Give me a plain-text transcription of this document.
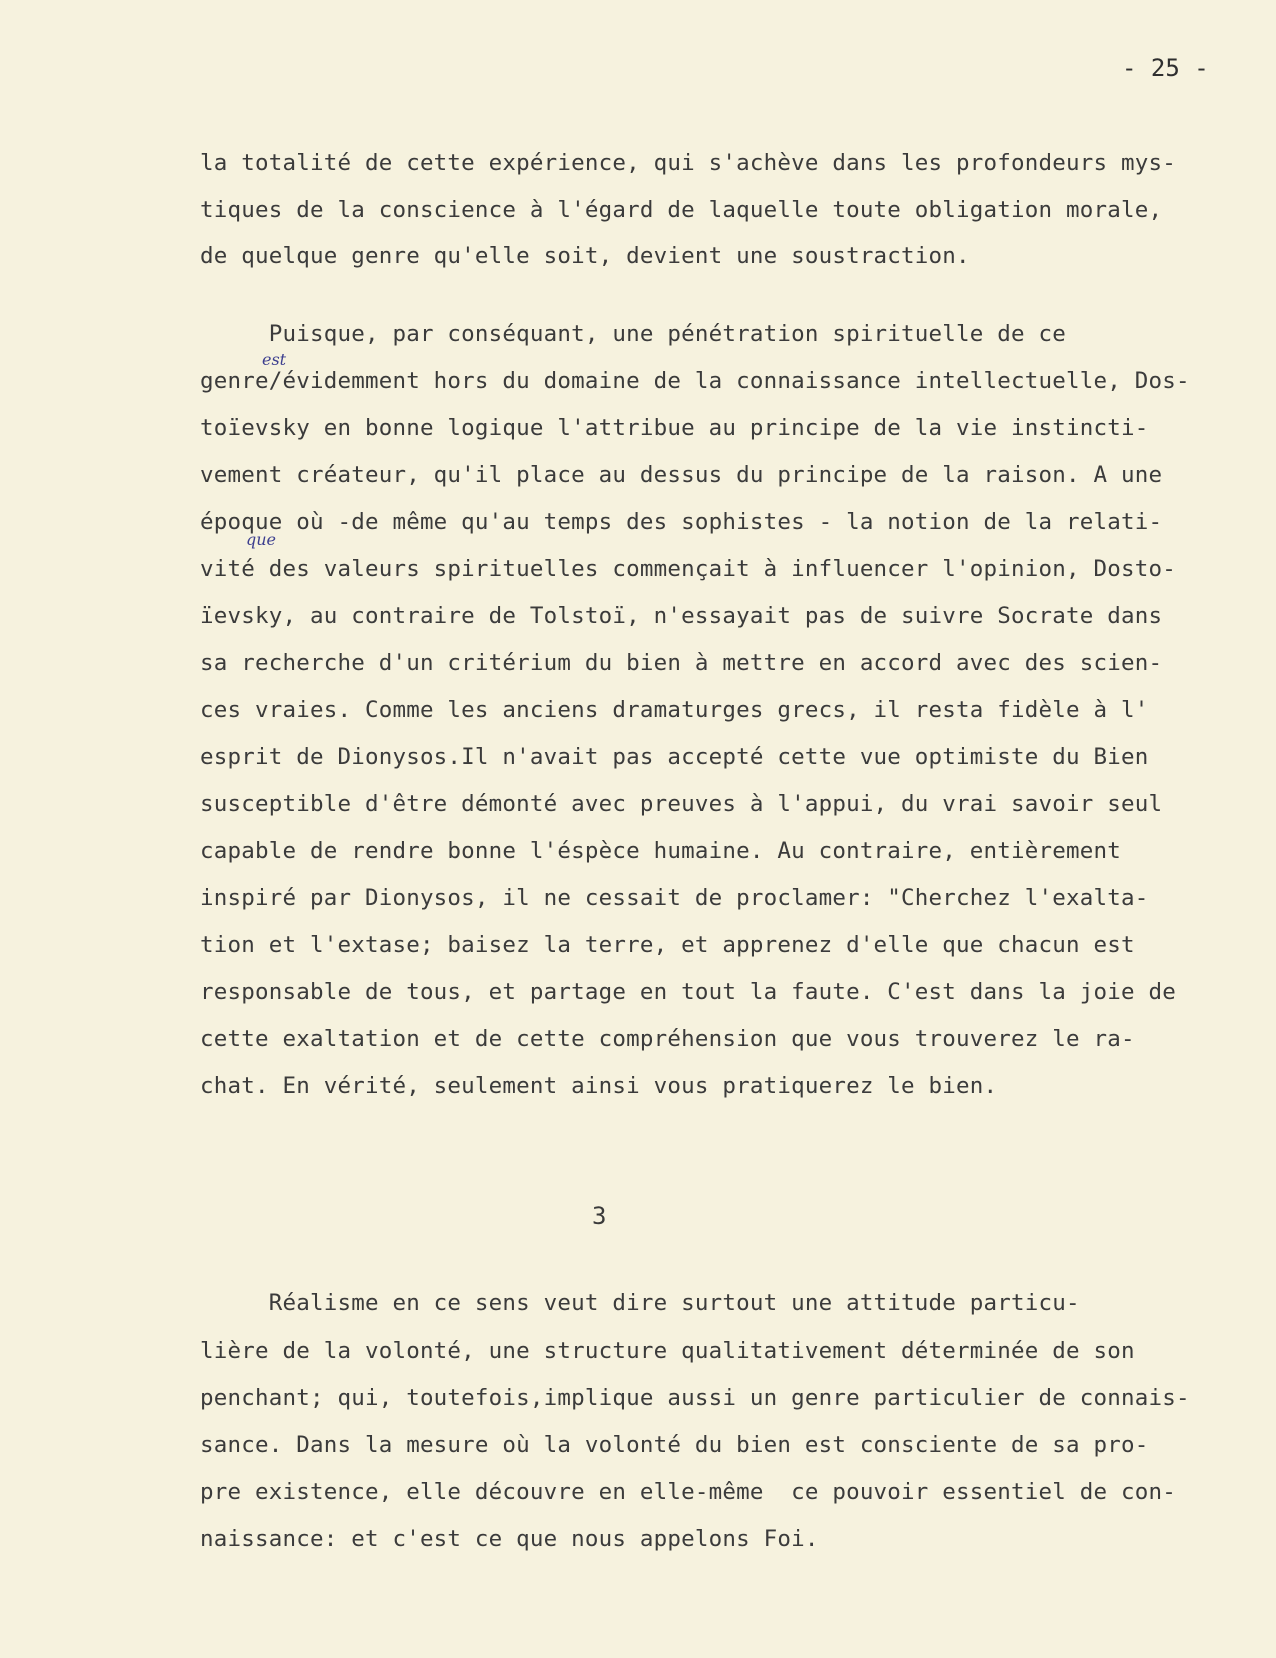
- 25 -
la totalité de cette expérience, qui s'achève dans les profondeurs mys-
tiques de la conscience à l'égard de laquelle toute obligation morale,
de quelque genre qu'elle soit, devient une soustraction.
Puisque, par conséquant, une pénétration spirituelle de ce
genre/évidemment hors du domaine de la connaissance intellectuelle, Dos-
toïevsky en bonne logique l'attribue au principe de la vie instincti-
vement créateur, qu'il place au dessus du principe de la raison. A une
époque où -de même qu'au temps des sophistes - la notion de la relati-
vité des valeurs spirituelles commençait à influencer l'opinion, Dosto-
ïevsky, au contraire de Tolstoï, n'essayait pas de suivre Socrate dans
sa recherche d'un critérium du bien à mettre en accord avec des scien-
ces vraies. Comme les anciens dramaturges grecs, il resta fidèle à l'
esprit de Dionysos.Il n'avait pas accepté cette vue optimiste du Bien
susceptible d'être démonté avec preuves à l'appui, du vrai savoir seul
capable de rendre bonne l'éspèce humaine. Au contraire, entièrement
inspiré par Dionysos, il ne cessait de proclamer: "Cherchez l'exalta-
tion et l'extase; baisez la terre, et apprenez d'elle que chacun est
responsable de tous, et partage en tout la faute. C'est dans la joie de
cette exaltation et de cette compréhension que vous trouverez le ra-
chat. En vérité, seulement ainsi vous pratiquerez le bien.
3
Réalisme en ce sens veut dire surtout une attitude particu-
lière de la volonté, une structure qualitativement déterminée de son
penchant; qui, toutefois,implique aussi un genre particulier de connais-
sance. Dans la mesure où la volonté du bien est consciente de sa pro-
pre existence, elle découvre en elle-même  ce pouvoir essentiel de con-
naissance: et c'est ce que nous appelons Foi.
est
que
